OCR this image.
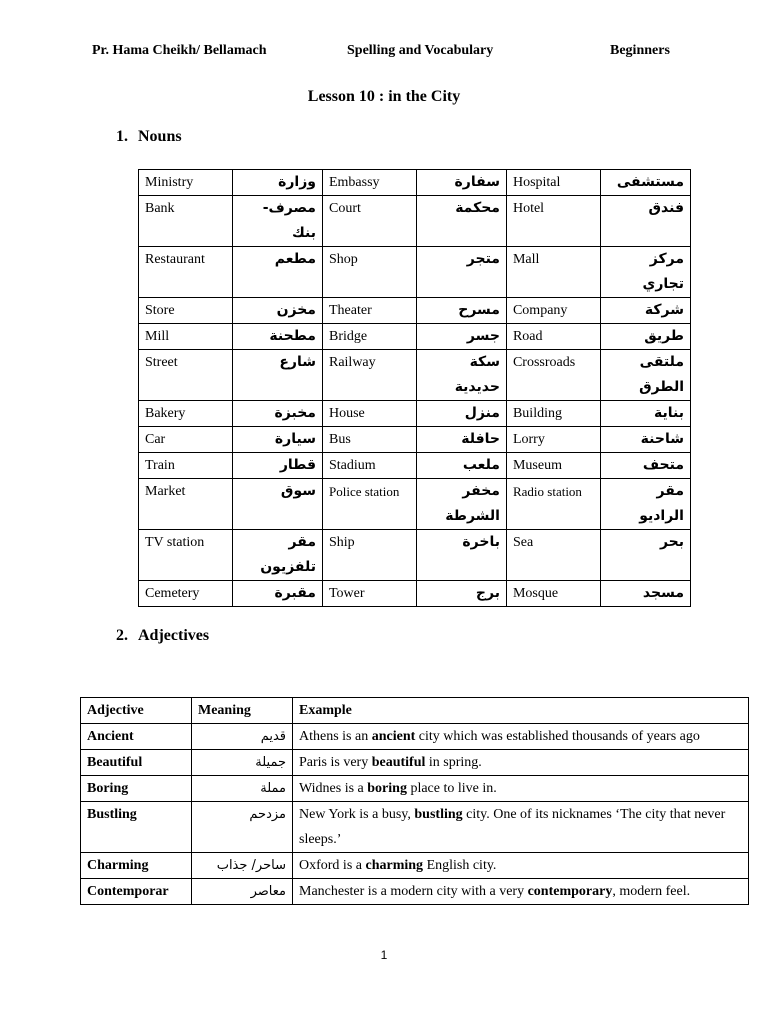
Pr. Hama Cheikh/ Bellamach	Spelling and Vocabulary	Beginners
Lesson 10 : in the City
1. Nouns
Ministry	وزارة	Embassy	سفارة	Hospital	مستشفى
Bank	مصرف- بنك	Court	محكمة	Hotel	فندق
Restaurant	مطعم	Shop	متجر	Mall	مركز تجاري
Store	مخزن	Theater	مسرح	Company	شركة
Mill	مطحنة	Bridge	جسر	Road	طريق
Street	شارع	Railway	سكة حديدية	Crossroads	ملتقى الطرق
Bakery	مخبزة	House	منزل	Building	بناية
Car	سيارة	Bus	حافلة	Lorry	شاحنة
Train	قطار	Stadium	ملعب	Museum	متحف
Market	سوق	Police station	مخفر الشرطة	Radio station	مقر الراديو
TV station	مقر تلفزيون	Ship	باخرة	Sea	بحر
Cemetery	مقبرة	Tower	برج	Mosque	مسجد
2. Adjectives
Adjective	Meaning	Example
Ancient	قديم	Athens is an ancient city which was established thousands of years ago
Beautiful	جميلة	Paris is very beautiful in spring.
Boring	مملة	Widnes is a boring place to live in.
Bustling	مزدحم	New York is a busy, bustling city. One of its nicknames ‘The city that never sleeps.’
Charming	ساحر/ جذاب	Oxford is a charming English city.
Contemporar	معاصر	Manchester is a modern city with a very contemporary, modern feel.
1
